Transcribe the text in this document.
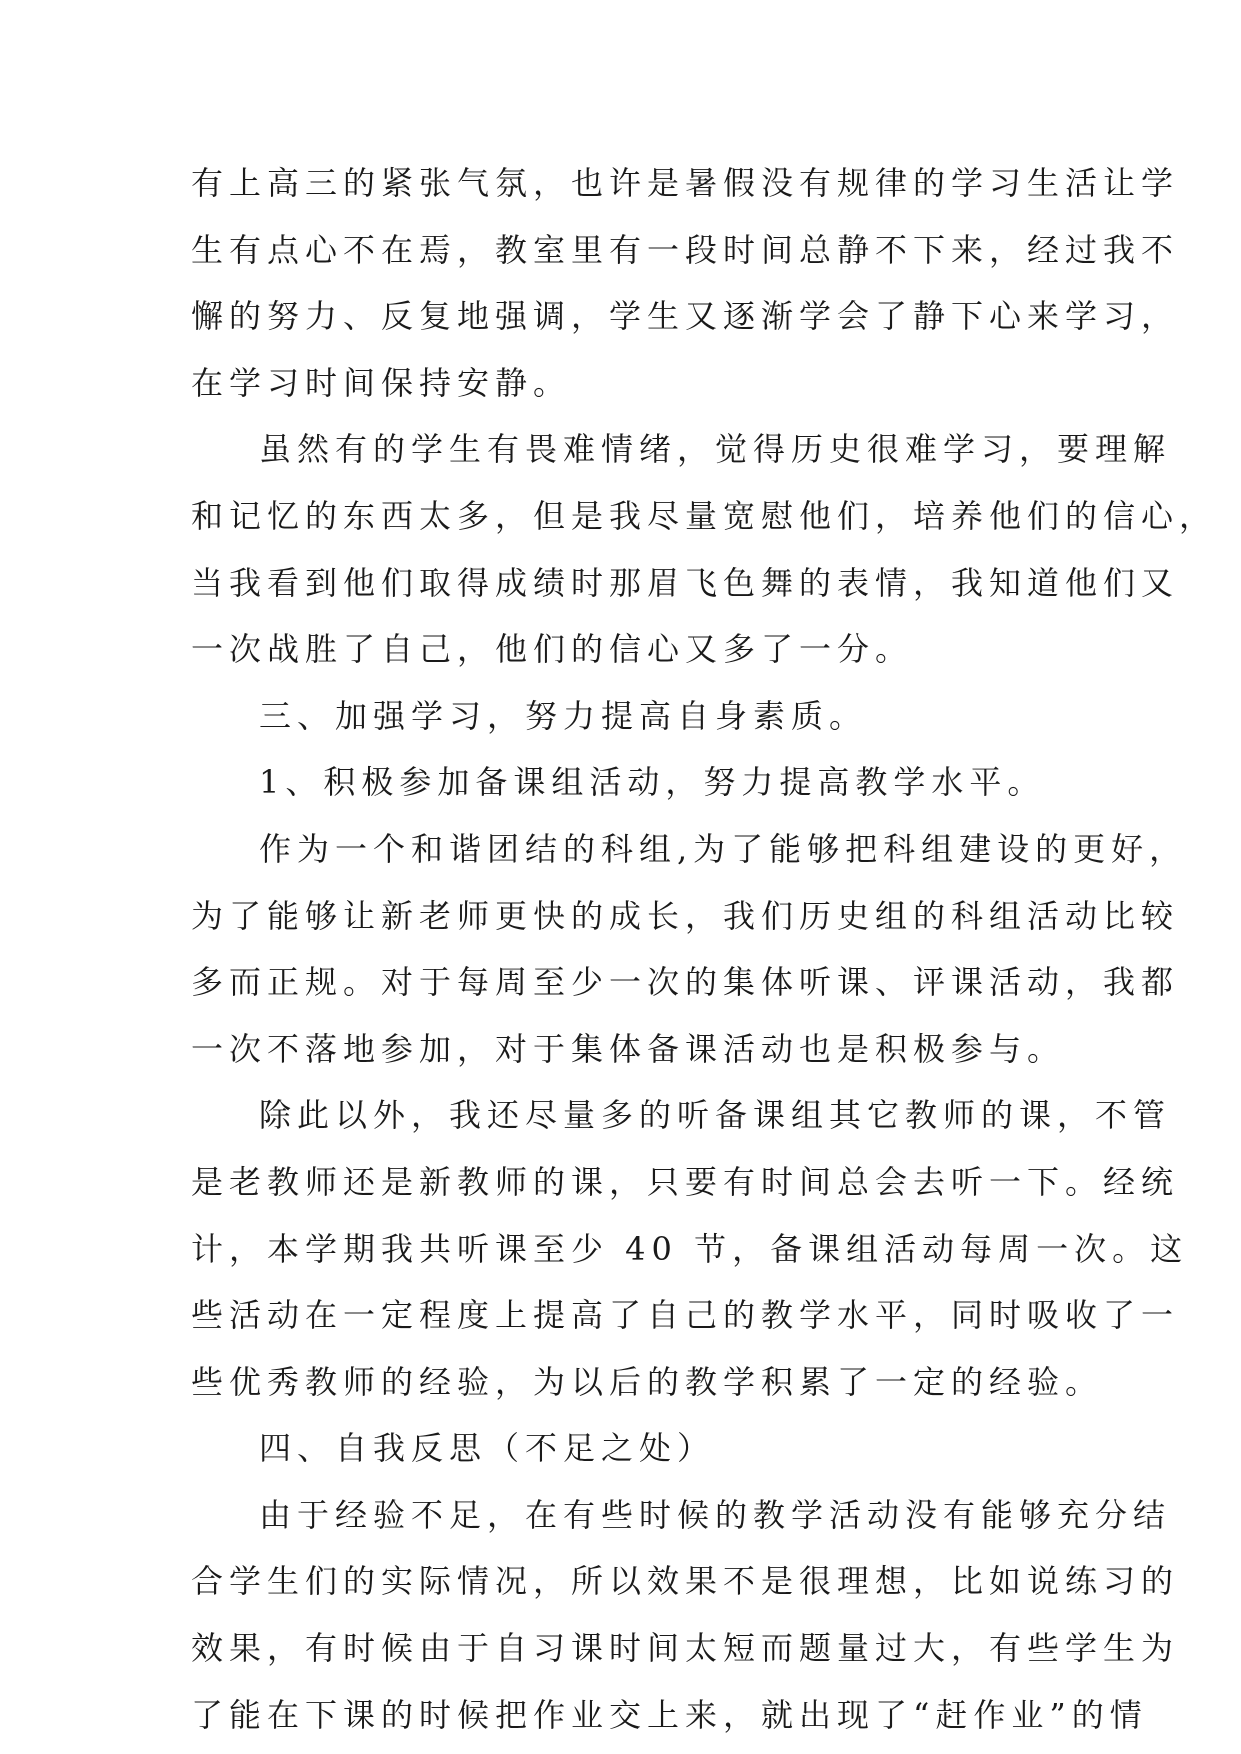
有上高三的紧张气氛，也许是暑假没有规律的学习生活让学
生有点心不在焉，教室里有一段时间总静不下来，经过我不
懈的努力、反复地强调，学生又逐渐学会了静下心来学习，
在学习时间保持安静。
虽然有的学生有畏难情绪，觉得历史很难学习，要理解
和记忆的东西太多，但是我尽量宽慰他们，培养他们的信心，
当我看到他们取得成绩时那眉飞色舞的表情，我知道他们又
一次战胜了自己，他们的信心又多了一分。
三、加强学习，努力提高自身素质。
1、积极参加备课组活动，努力提高教学水平。
作为一个和谐团结的科组,为了能够把科组建设的更好，
为了能够让新老师更快的成长，我们历史组的科组活动比较
多而正规。对于每周至少一次的集体听课、评课活动，我都
一次不落地参加，对于集体备课活动也是积极参与。
除此以外，我还尽量多的听备课组其它教师的课，不管
是老教师还是新教师的课，只要有时间总会去听一下。经统
计，本学期我共听课至少 40 节，备课组活动每周一次。这
些活动在一定程度上提高了自己的教学水平，同时吸收了一
些优秀教师的经验，为以后的教学积累了一定的经验。
四、自我反思（不足之处）
由于经验不足，在有些时候的教学活动没有能够充分结
合学生们的实际情况，所以效果不是很理想，比如说练习的
效果，有时候由于自习课时间太短而题量过大，有些学生为
了能在下课的时候把作业交上来，就出现了“赶作业”的情
